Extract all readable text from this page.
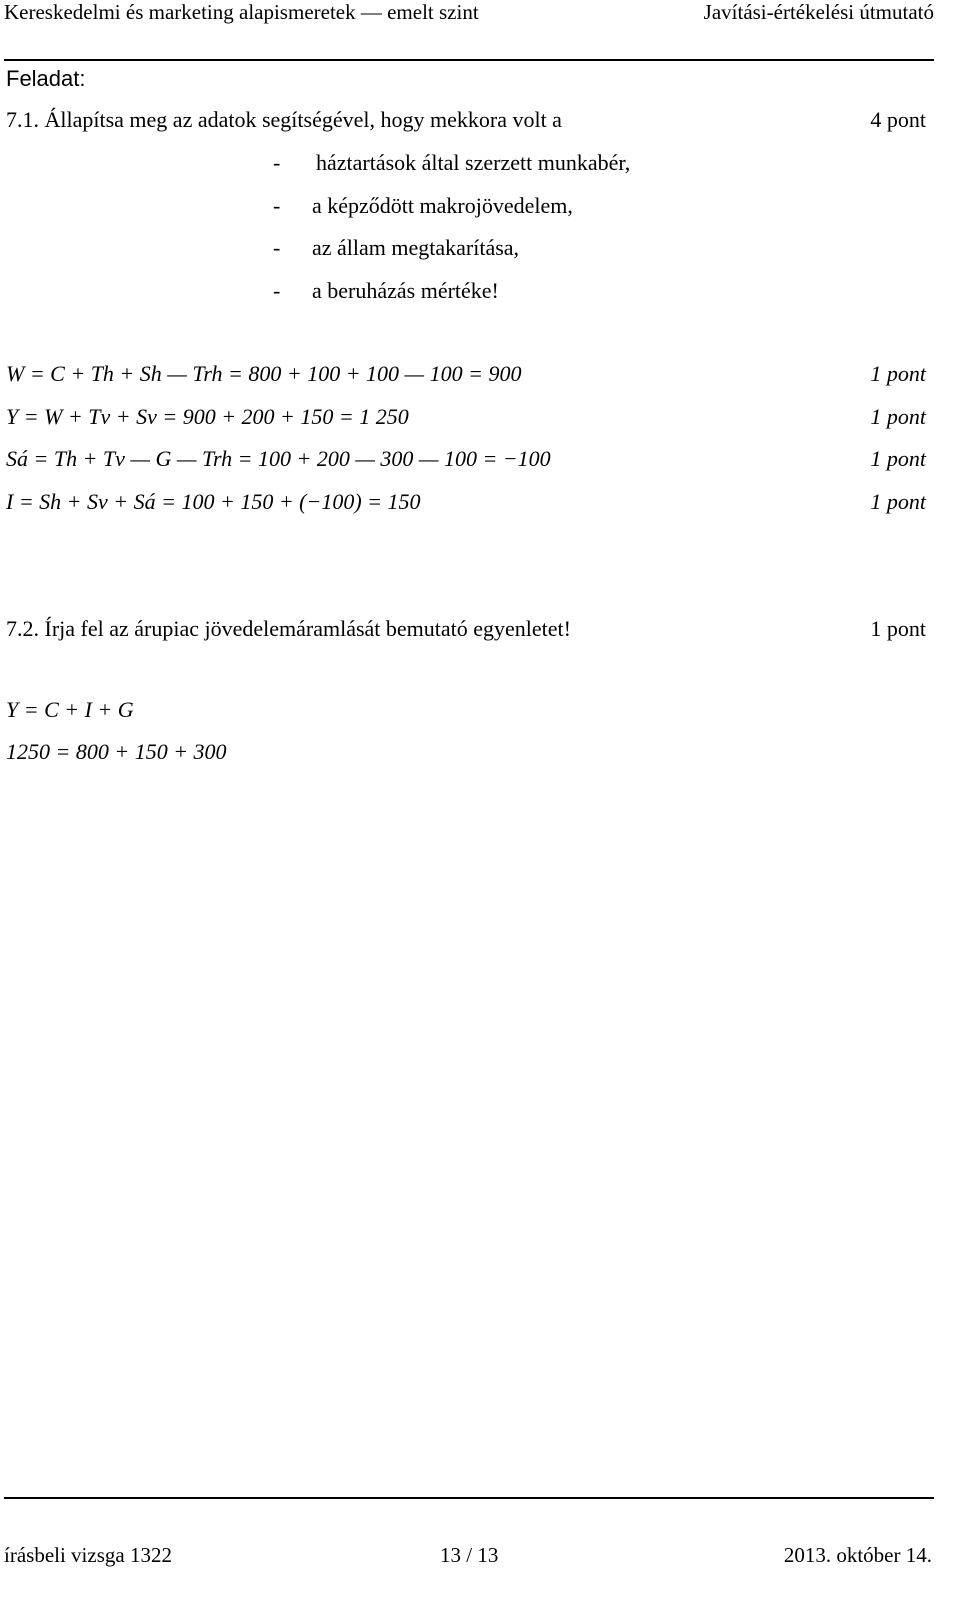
Kereskedelmi és marketing alapismeretek — emelt szint	Javítási-értékelési útmutató
Feladat:
7.1. Állapítsa meg az adatok segítségével, hogy mekkora volt a	4 pont
- háztartások által szerzett munkabér,
- a képződött makrojövedelem,
- az állam megtakarítása,
- a beruházás mértéke!
W = C + Th + Sh — Trh = 800 + 100 + 100 — 100 = 900	1 pont
Y = W + Tv + Sv = 900 + 200 + 150 = 1 250	1 pont
Sá = Th + Tv — G — Trh = 100 + 200 — 300 — 100 = −100	1 pont
I = Sh + Sv + Sá = 100 + 150 + (−100) = 150	1 pont
7.2. Írja fel az árupiac jövedelemáramlását bemutató egyenletet!	1 pont
Y = C + I + G
1250 = 800 + 150 + 300
írásbeli vizsga 1322	13 / 13	2013. október 14.
